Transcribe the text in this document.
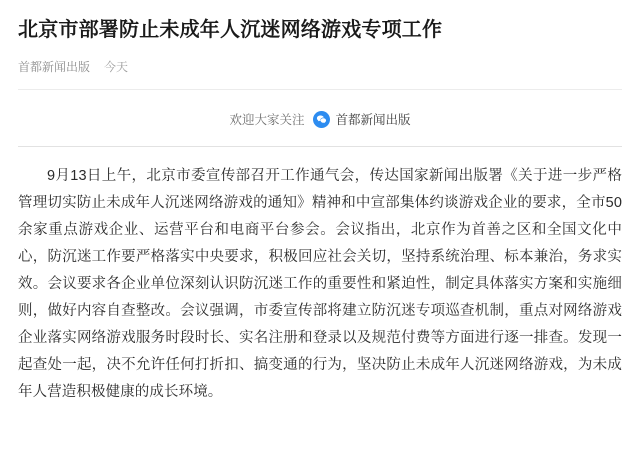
北京市部署防止未成年人沉迷网络游戏专项工作
首都新闻出版 今天
欢迎大家关注 首都新闻出版

9月13日上午，北京市委宣传部召开工作通气会，传达国家新闻出版署《关于进一步严格管理切实防止未成年人沉迷网络游戏的通知》精神和中宣部集体约谈游戏企业的要求，全市50余家重点游戏企业、运营平台和电商平台参会。会议指出，北京作为首善之区和全国文化中心，防沉迷工作要严格落实中央要求，积极回应社会关切，坚持系统治理、标本兼治，务求实效。会议要求各企业单位深刻认识防沉迷工作的重要性和紧迫性，制定具体落实方案和实施细则，做好内容自查整改。会议强调，市委宣传部将建立防沉迷专项巡查机制，重点对网络游戏企业落实网络游戏服务时段时长、实名注册和登录以及规范付费等方面进行逐一排查。发现一起查处一起，决不允许任何打折扣、搞变通的行为，坚决防止未成年人沉迷网络游戏，为未成年人营造积极健康的成长环境。
